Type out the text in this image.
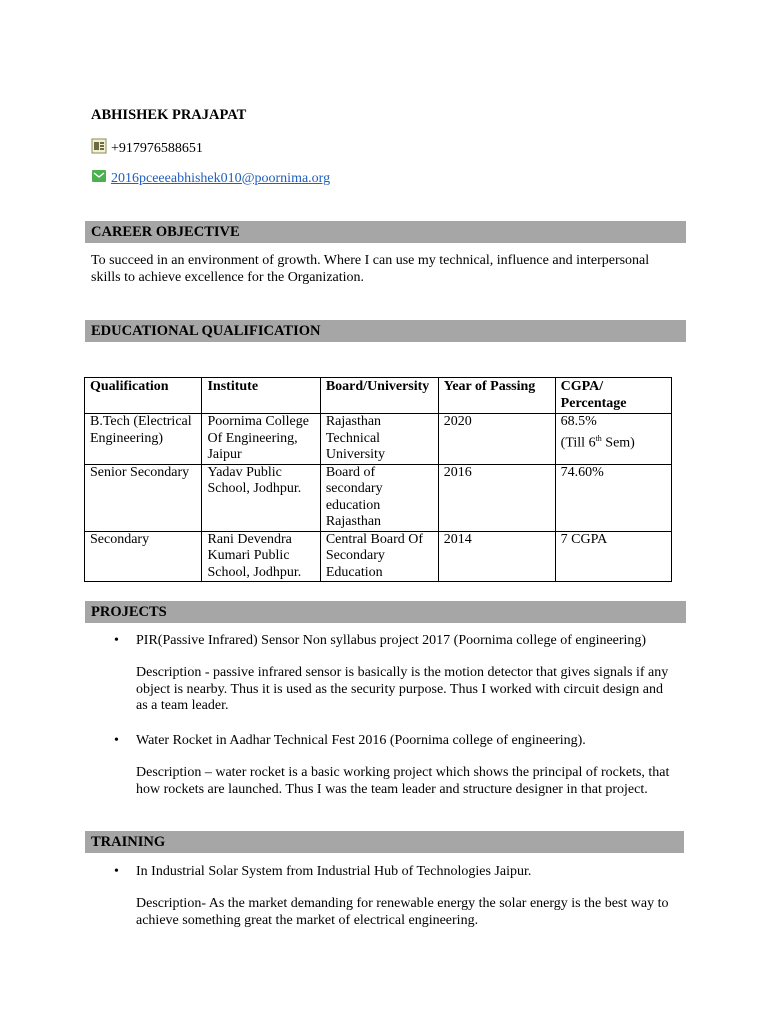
ABHISHEK PRAJAPAT
+917976588651
2016pceeeabhishek010@poornima.org
CAREER OBJECTIVE
To succeed in an environment of growth. Where I can use my technical, influence and interpersonal skills to achieve excellence for the Organization.
EDUCATIONAL QUALIFICATION
Qualification	Institute	Board/University	Year of Passing	CGPA/ Percentage
B.Tech (Electrical Engineering)	Poornima College Of Engineering, Jaipur	Rajasthan Technical University	2020	68.5%
(Till 6th Sem)

Senior Secondary	Yadav Public School, Jodhpur.	Board of secondary education Rajasthan	2016	74.60%
Secondary	Rani Devendra Kumari Public School, Jodhpur.	Central Board Of Secondary Education	2014	7 CGPA
PROJECTS
• PIR(Passive Infrared) Sensor Non syllabus project 2017 (Poornima college of engineering)
Description - passive infrared sensor is basically is the motion detector that gives signals if any object is nearby. Thus it is used as the security purpose. Thus I worked with circuit design and as a team leader.
• Water Rocket in Aadhar Technical Fest 2016 (Poornima college of engineering).
Description – water rocket is a basic working project which shows the principal of rockets, that how rockets are launched. Thus I was the team leader and structure designer in that project.
TRAINING
• In Industrial Solar System from Industrial Hub of Technologies Jaipur.
Description- As the market demanding for renewable energy the solar energy is the best way to achieve something great the market of electrical engineering.
